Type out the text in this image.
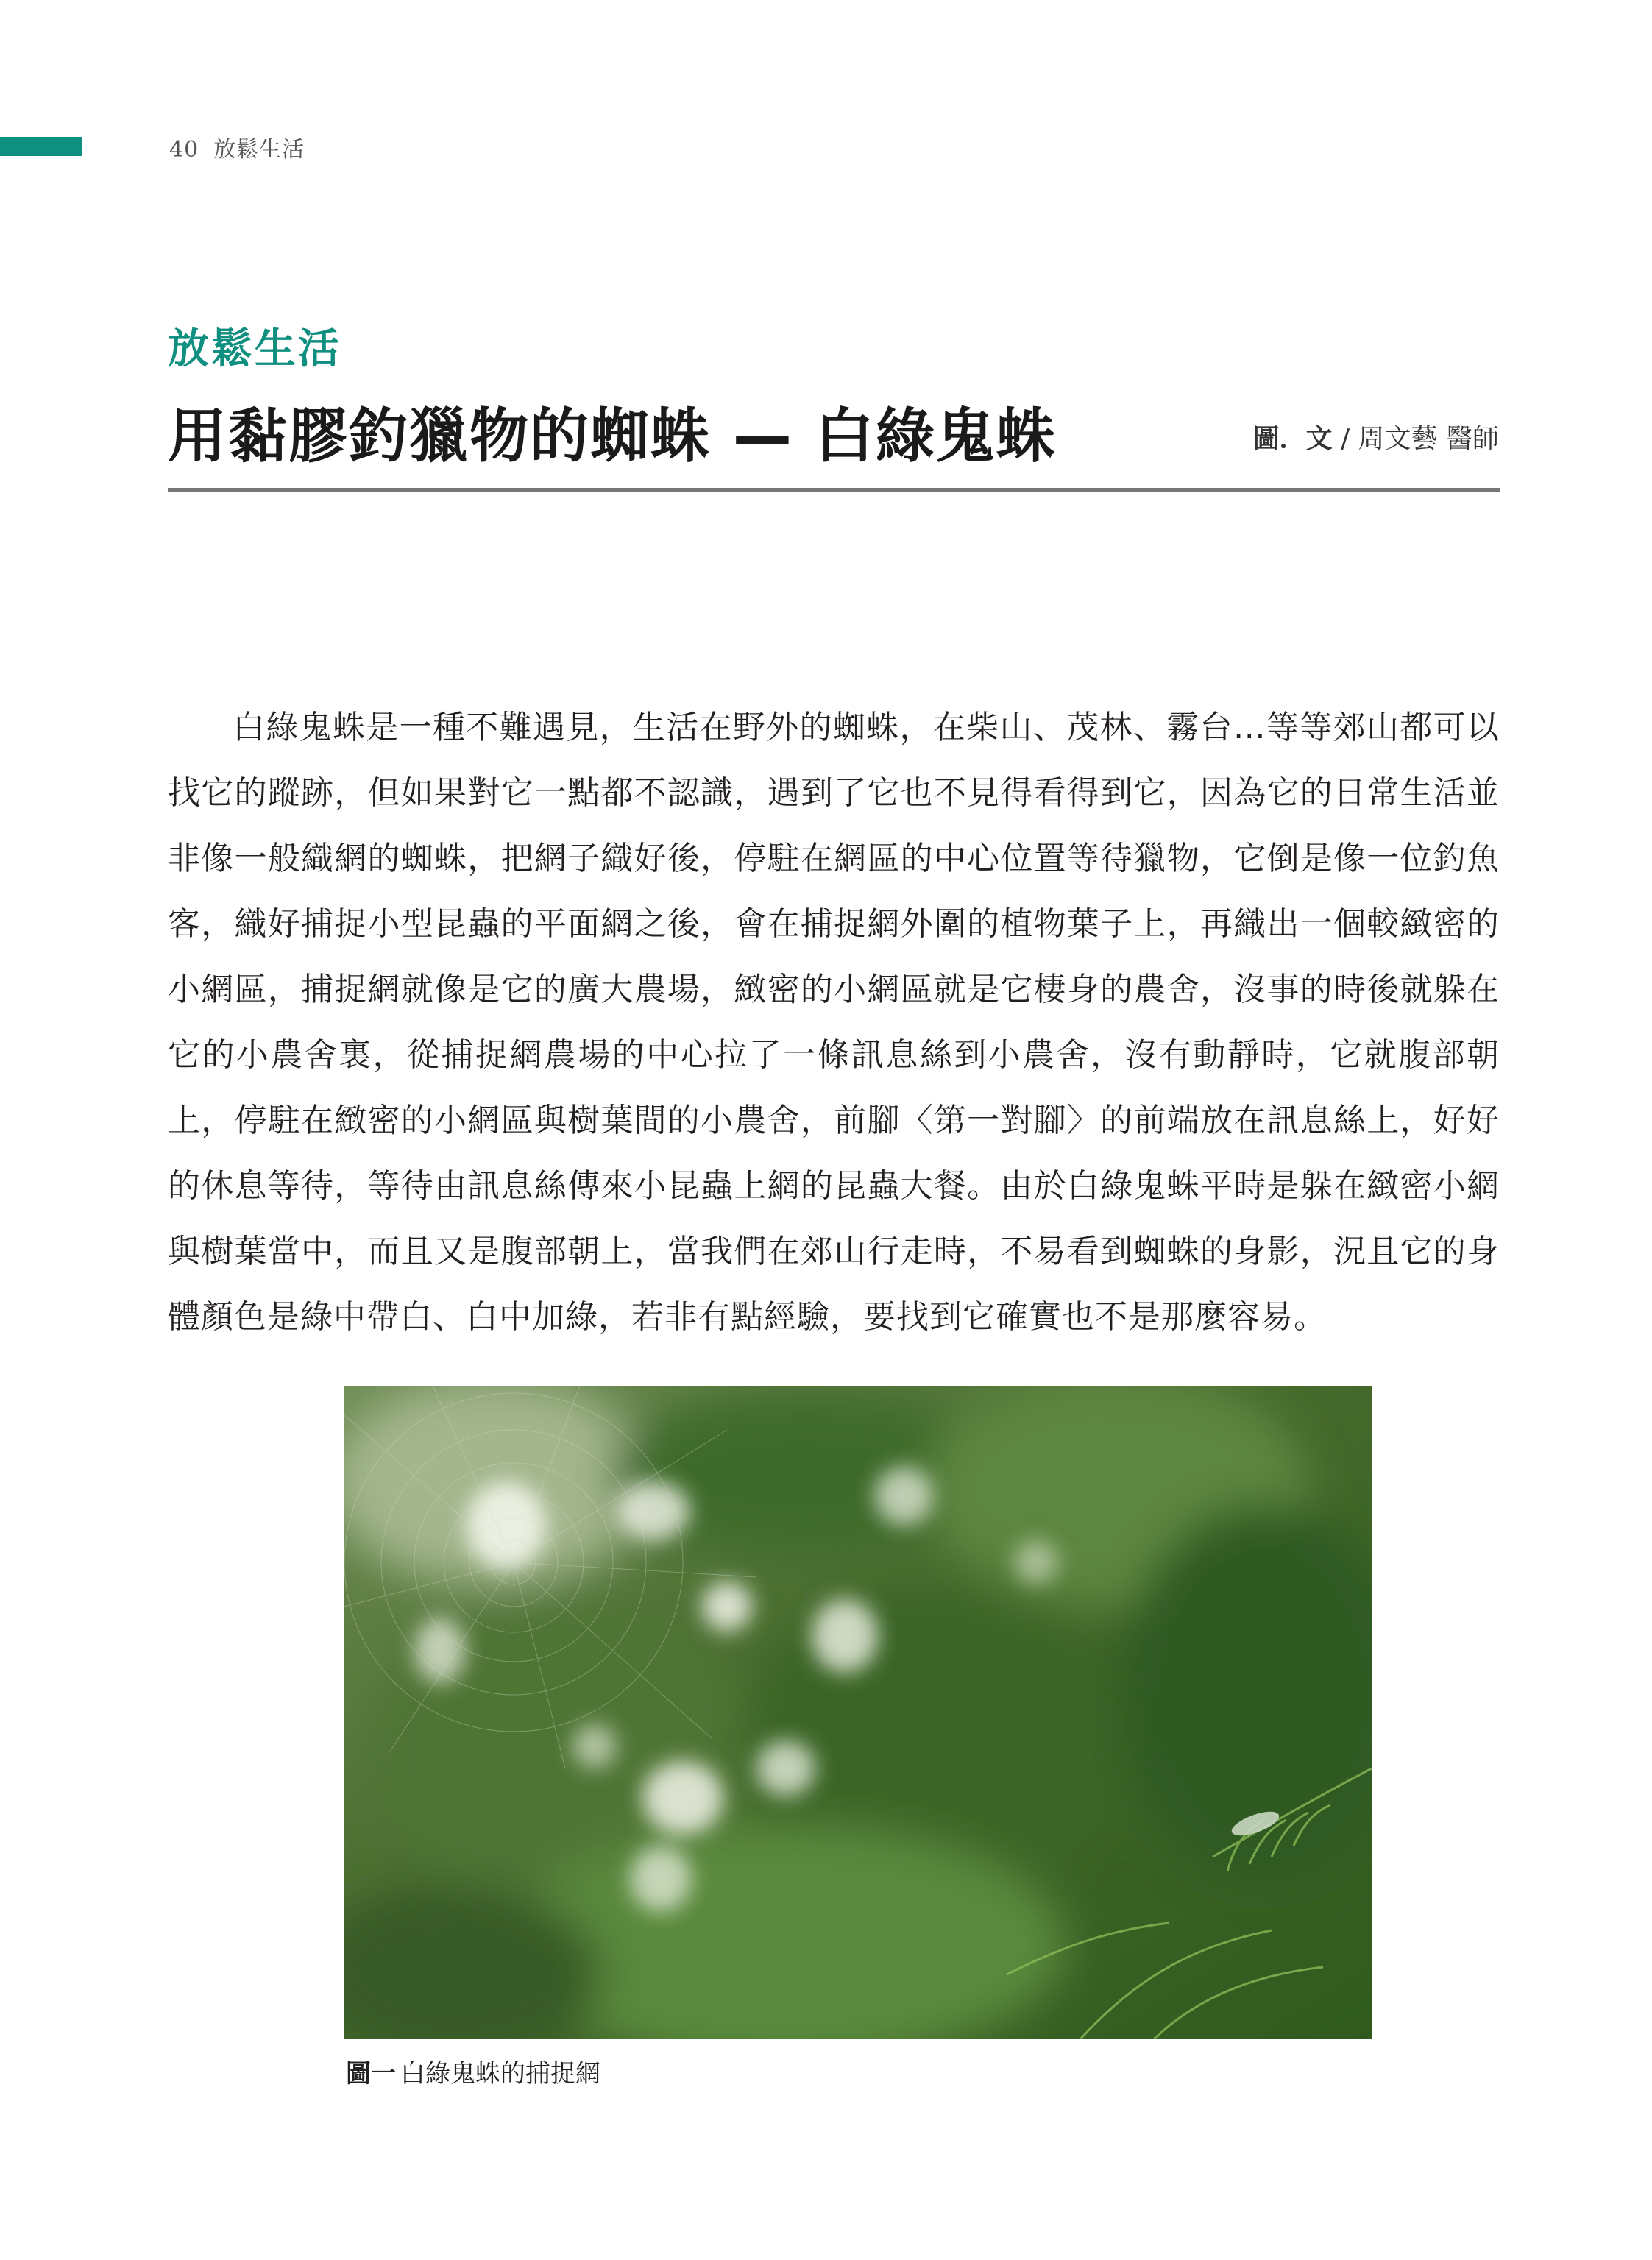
40 放鬆生活
放鬆生活
用黏膠釣獵物的蜘蛛 — 白綠鬼蛛	圖．文 / 周文藝 醫師

白綠鬼蛛是一種不難遇見，生活在野外的蜘蛛，在柴山、茂林、霧台…等等郊山都可以找它的蹤跡，但如果對它一點都不認識，遇到了它也不見得看得到它，因為它的日常生活並非像一般織網的蜘蛛，把網子織好後，停駐在網區的中心位置等待獵物，它倒是像一位釣魚客，織好捕捉小型昆蟲的平面網之後，會在捕捉網外圍的植物葉子上，再織出一個較緻密的小網區，捕捉網就像是它的廣大農場，緻密的小網區就是它棲身的農舍，沒事的時後就躲在它的小農舍裏，從捕捉網農場的中心拉了一條訊息絲到小農舍，沒有動靜時，它就腹部朝上，停駐在緻密的小網區與樹葉間的小農舍，前腳〈第一對腳〉的前端放在訊息絲上，好好的休息等待，等待由訊息絲傳來小昆蟲上網的昆蟲大餐。由於白綠鬼蛛平時是躲在緻密小網與樹葉當中，而且又是腹部朝上，當我們在郊山行走時，不易看到蜘蛛的身影，況且它的身體顏色是綠中帶白、白中加綠，若非有點經驗，要找到它確實也不是那麼容易。

圖一 白綠鬼蛛的捕捉網
